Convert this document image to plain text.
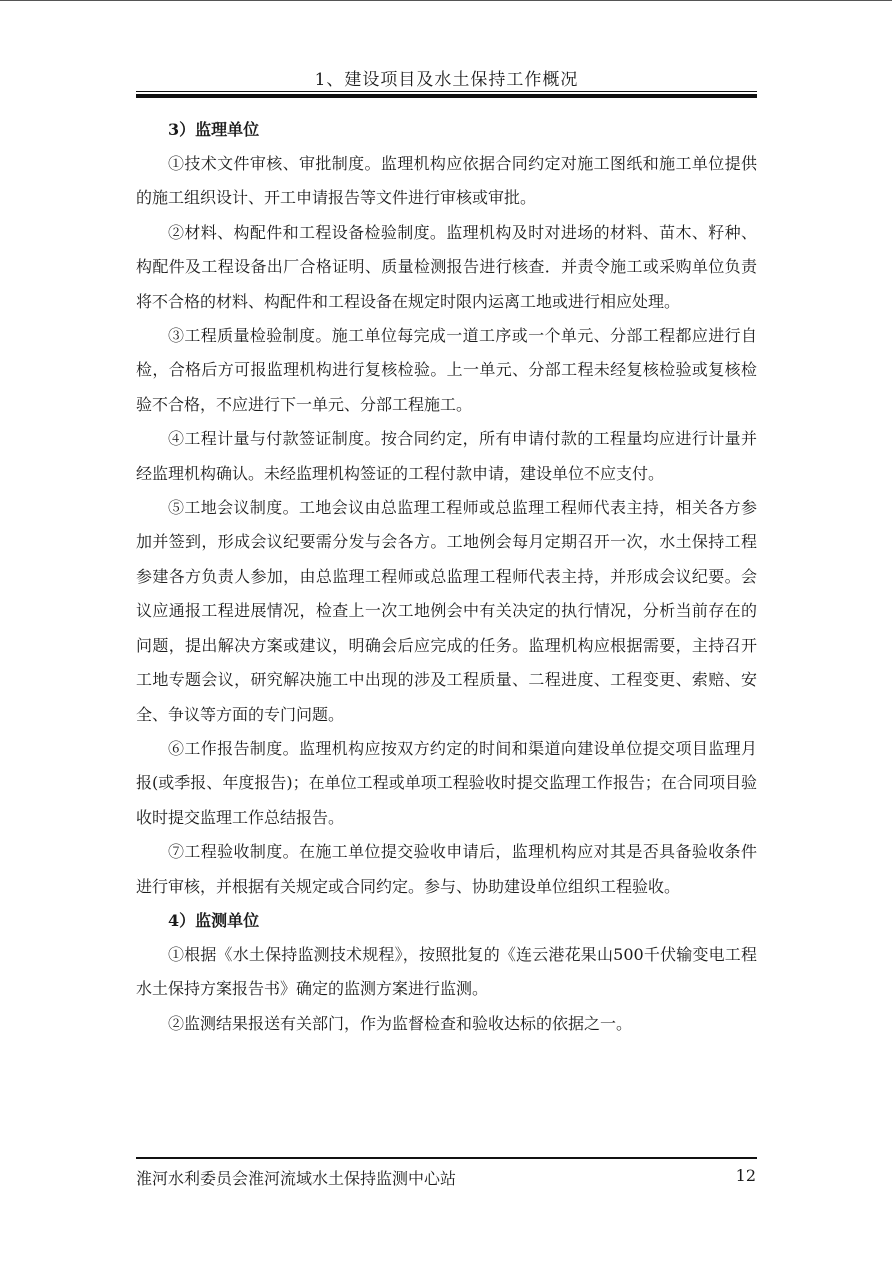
1、建设项目及水土保持工作概况

3）监理单位

①技术文件审核、审批制度。监理机构应依据合同约定对施工图纸和施工单位提供的施工组织设计、开工申请报告等文件进行审核或审批。

②材料、构配件和工程设备检验制度。监理机构及时对进场的材料、苗木、籽种、构配件及工程设备出厂合格证明、质量检测报告进行核查．并责令施工或采购单位负责将不合格的材料、构配件和工程设备在规定时限内运离工地或进行相应处理。

③工程质量检验制度。施工单位每完成一道工序或一个单元、分部工程都应进行自检，合格后方可报监理机构进行复核检验。上一单元、分部工程未经复核检验或复核检验不合格，不应进行下一单元、分部工程施工。

④工程计量与付款签证制度。按合同约定，所有申请付款的工程量均应进行计量并经监理机构确认。未经监理机构签证的工程付款申请，建设单位不应支付。

⑤工地会议制度。工地会议由总监理工程师或总监理工程师代表主持，相关各方参加并签到，形成会议纪要需分发与会各方。工地例会每月定期召开一次，水土保持工程参建各方负责人参加，由总监理工程师或总监理工程师代表主持，并形成会议纪要。会议应通报工程进展情况，检查上一次工地例会中有关决定的执行情况，分析当前存在的问题，提出解决方案或建议，明确会后应完成的任务。监理机构应根据需要，主持召开工地专题会议，研究解决施工中出现的涉及工程质量、二程进度、工程变更、索赔、安全、争议等方面的专门问题。

⑥工作报告制度。监理机构应按双方约定的时间和渠道向建设单位提交项目监理月报(或季报、年度报告)；在单位工程或单项工程验收时提交监理工作报告；在合同项目验收时提交监理工作总结报告。

⑦工程验收制度。在施工单位提交验收申请后，监理机构应对其是否具备验收条件进行审核，并根据有关规定或合同约定。参与、协助建设单位组织工程验收。

4）监测单位

①根据《水土保持监测技术规程》，按照批复的《连云港花果山500千伏输变电工程水土保持方案报告书》确定的监测方案进行监测。

②监测结果报送有关部门，作为监督检查和验收达标的依据之一。

淮河水利委员会淮河流域水土保持监测中心站	12
